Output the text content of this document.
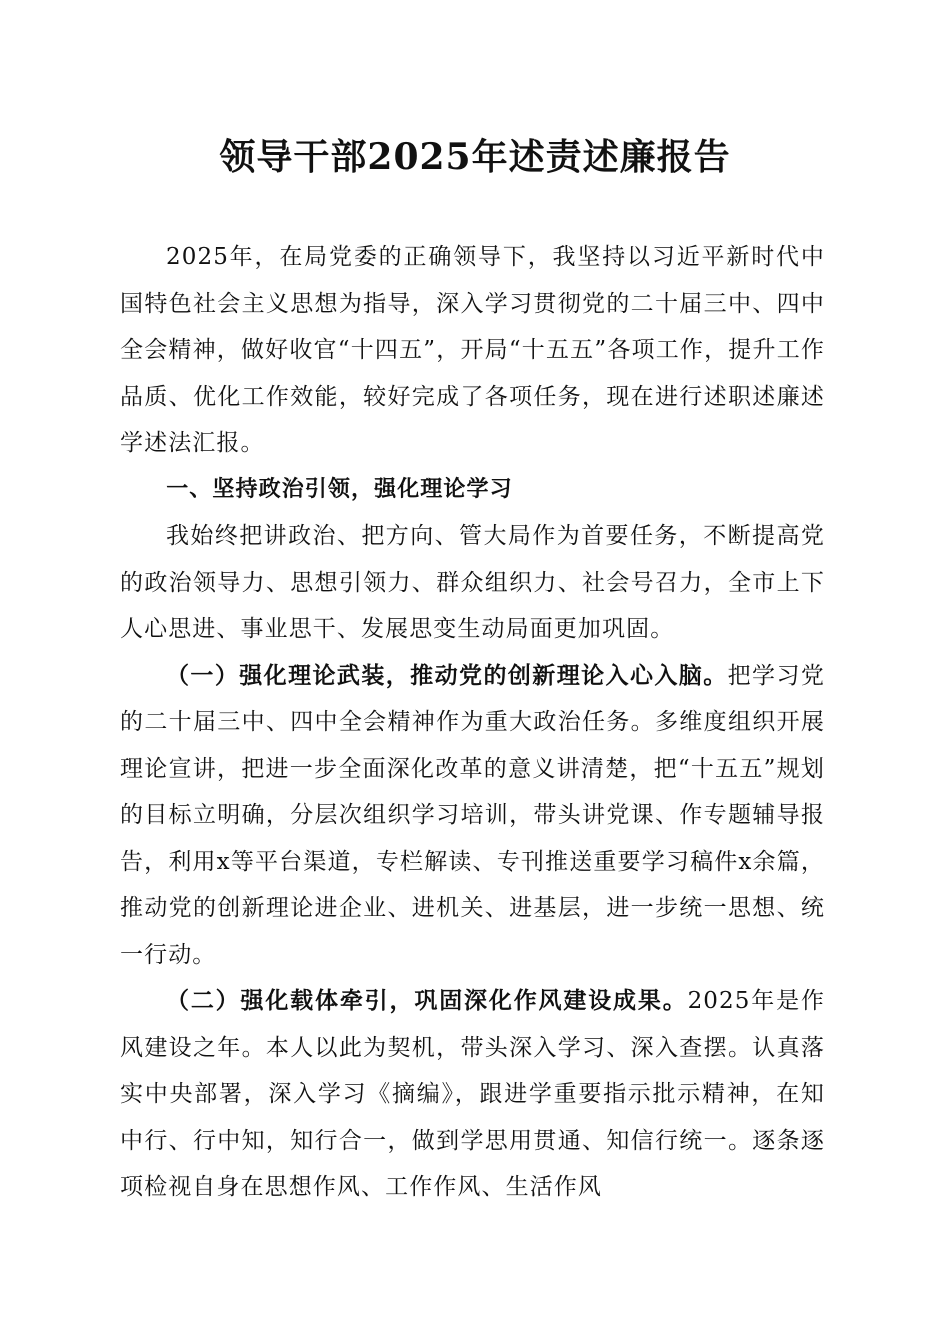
领导干部2025年述责述廉报告

2025年，在局党委的正确领导下，我坚持以习近平新时代中国特色社会主义思想为指导，深入学习贯彻党的二十届三中、四中全会精神，做好收官“十四五”，开局“十五五”各项工作，提升工作品质、优化工作效能，较好完成了各项任务，现在进行述职述廉述学述法汇报。

一、坚持政治引领，强化理论学习

我始终把讲政治、把方向、管大局作为首要任务，不断提高党的政治领导力、思想引领力、群众组织力、社会号召力，全市上下人心思进、事业思干、发展思变生动局面更加巩固。

（一）强化理论武装，推动党的创新理论入心入脑。把学习党的二十届三中、四中全会精神作为重大政治任务。多维度组织开展理论宣讲，把进一步全面深化改革的意义讲清楚，把“十五五”规划的目标立明确，分层次组织学习培训，带头讲党课、作专题辅导报告，利用x等平台渠道，专栏解读、专刊推送重要学习稿件x余篇，推动党的创新理论进企业、进机关、进基层，进一步统一思想、统一行动。

（二）强化载体牵引，巩固深化作风建设成果。2025年是作风建设之年。本人以此为契机，带头深入学习、深入查摆。认真落实中央部署，深入学习《摘编》，跟进学重要指示批示精神，在知中行、行中知，知行合一，做到学思用贯通、知信行统一。逐条逐项检视自身在思想作风、工作作风、生活作风
